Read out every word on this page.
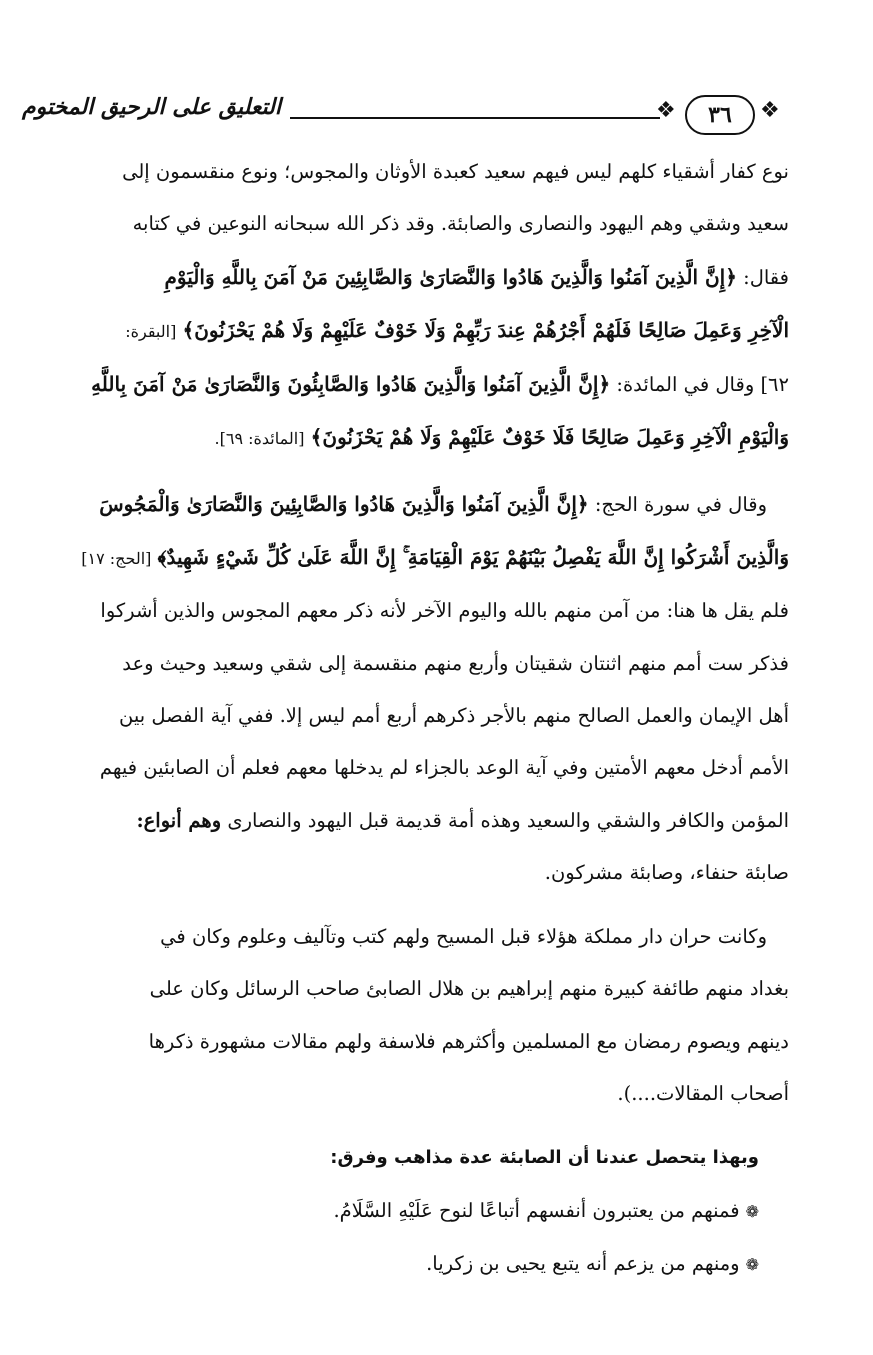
التعليق على الرحيق المختوم	❖	٣٦	❖
نوع كفار أشقياء كلهم ليس فيهم سعيد كعبدة الأوثان والمجوس؛ ونوع منقسمون إلى
سعيد وشقي وهم اليهود والنصارى والصابئة. وقد ذكر الله سبحانه النوعين في كتابه
فقال: ﴿إِنَّ الَّذِينَ آمَنُوا وَالَّذِينَ هَادُوا وَالنَّصَارَىٰ وَالصَّابِئِينَ مَنْ آمَنَ بِاللَّهِ وَالْيَوْمِ
الْآخِرِ وَعَمِلَ صَالِحًا فَلَهُمْ أَجْرُهُمْ عِندَ رَبِّهِمْ وَلَا خَوْفٌ عَلَيْهِمْ وَلَا هُمْ يَحْزَنُونَ﴾ [البقرة:
٦٢] وقال في المائدة: ﴿إِنَّ الَّذِينَ آمَنُوا وَالَّذِينَ هَادُوا وَالصَّابِئُونَ وَالنَّصَارَىٰ مَنْ آمَنَ بِاللَّهِ
وَالْيَوْمِ الْآخِرِ وَعَمِلَ صَالِحًا فَلَا خَوْفٌ عَلَيْهِمْ وَلَا هُمْ يَحْزَنُونَ﴾ [المائدة: ٦٩].
وقال في سورة الحج: ﴿إِنَّ الَّذِينَ آمَنُوا وَالَّذِينَ هَادُوا وَالصَّابِئِينَ وَالنَّصَارَىٰ وَالْمَجُوسَ
وَالَّذِينَ أَشْرَكُوا إِنَّ اللَّهَ يَفْصِلُ بَيْنَهُمْ يَوْمَ الْقِيَامَةِ ۚ إِنَّ اللَّهَ عَلَىٰ كُلِّ شَيْءٍ شَهِيدٌ﴾ [الحج: ١٧]
فلم يقل ها هنا: من آمن منهم بالله واليوم الآخر لأنه ذكر معهم المجوس والذين أشركوا
فذكر ست أمم منهم اثنتان شقيتان وأربع منهم منقسمة إلى شقي وسعيد وحيث وعد
أهل الإيمان والعمل الصالح منهم بالأجر ذكرهم أربع أمم ليس إلا. ففي آية الفصل بين
الأمم أدخل معهم الأمتين وفي آية الوعد بالجزاء لم يدخلها معهم فعلم أن الصابئين فيهم
المؤمن والكافر والشقي والسعيد وهذه أمة قديمة قبل اليهود والنصارى وهم أنواع:
صابئة حنفاء، وصابئة مشركون.
وكانت حران دار مملكة هؤلاء قبل المسيح ولهم كتب وتآليف وعلوم وكان في
بغداد منهم طائفة كبيرة منهم إبراهيم بن هلال الصابئ صاحب الرسائل وكان على
دينهم ويصوم رمضان مع المسلمين وأكثرهم فلاسفة ولهم مقالات مشهورة ذكرها
أصحاب المقالات....).
وبهذا يتحصل عندنا أن الصابئة عدة مذاهب وفرق:
❁فمنهم من يعتبرون أنفسهم أتباعًا لنوح عَلَيْهِ السَّلَامُ.
❁ومنهم من يزعم أنه يتبع يحيى بن زكريا.
